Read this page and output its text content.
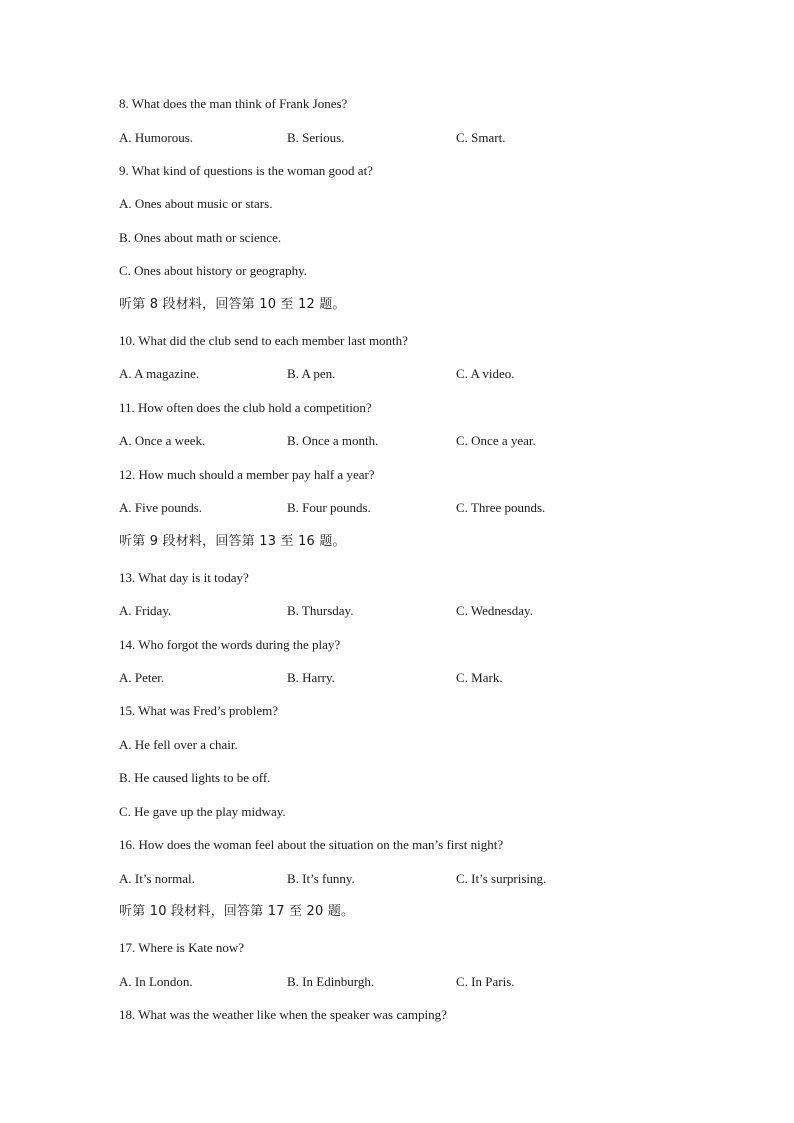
8. What does the man think of Frank Jones?
A. Humorous.	B. Serious.	C. Smart.
9. What kind of questions is the woman good at?
A. Ones about music or stars.
B. Ones about math or science.
C. Ones about history or geography.
听第 8 段材料，回答第 10 至 12 题。
10. What did the club send to each member last month?
A. A magazine.	B. A pen.	C. A video.
11. How often does the club hold a competition?
A. Once a week.	B. Once a month.	C. Once a year.
12. How much should a member pay half a year?
A. Five pounds.	B. Four pounds.	C. Three pounds.
听第 9 段材料，回答第 13 至 16 题。
13. What day is it today?
A. Friday.	B. Thursday.	C. Wednesday.
14. Who forgot the words during the play?
A. Peter.	B. Harry.	C. Mark.
15. What was Fred’s problem?
A. He fell over a chair.
B. He caused lights to be off.
C. He gave up the play midway.
16. How does the woman feel about the situation on the man’s first night?
A. It’s normal.	B. It’s funny.	C. It’s surprising.
听第 10 段材料，回答第 17 至 20 题。
17. Where is Kate now?
A. In London.	B. In Edinburgh.	C. In Paris.
18. What was the weather like when the speaker was camping?
